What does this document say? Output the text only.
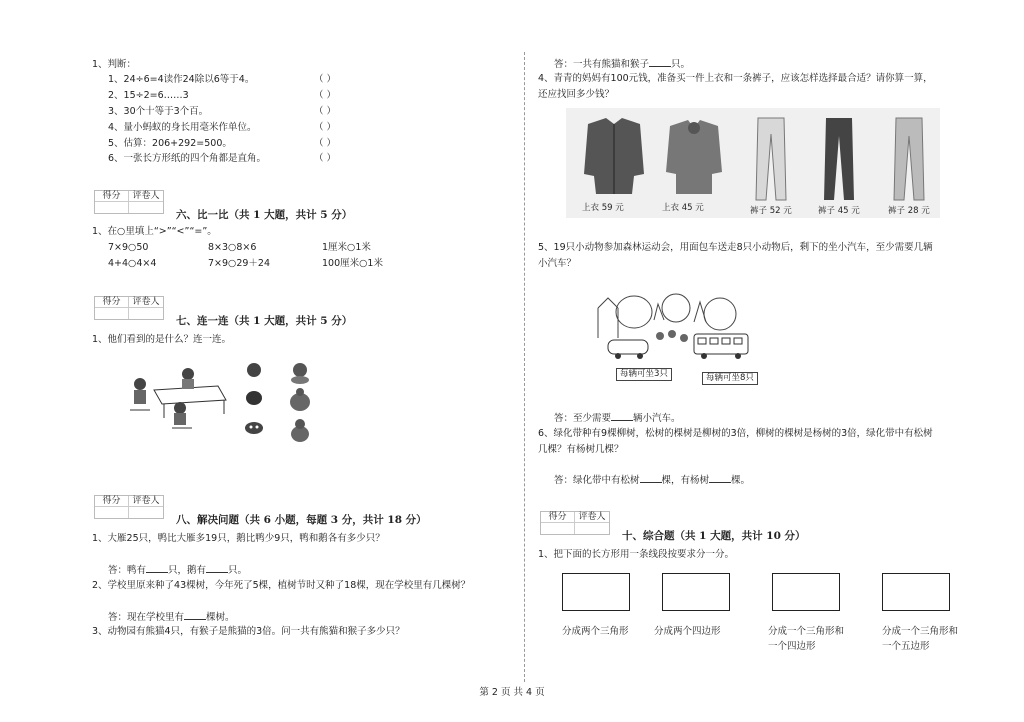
1、判断：
1、24÷6=4读作24除以6等于4。	（ ）
2、15÷2=6……3	（ ）
3、30个十等于3个百。	（ ）
4、量小蚂蚁的身长用毫米作单位。	（ ）
5、估算：206+292=500。	（ ）
6、一张长方形纸的四个角都是直角。	（ ）
得分	评卷人
六、比一比（共 1 大题，共计 5 分）
1、在○里填上“>”“<”“=”。
7×9○50	8×3○8×6	1厘米○1米
4+4○4×4	7×9○29＋24	100厘米○1米
得分	评卷人
七、连一连（共 1 大题，共计 5 分）
1、他们看到的是什么？连一连。
得分	评卷人
八、解决问题（共 6 小题，每题 3 分，共计 18 分）
1、大雁25只，鸭比大雁多19只，鹅比鸭少9只，鸭和鹅各有多少只？
答：鸭有 只，鹅有 只。
2、学校里原来种了43棵树，今年死了5棵，植树节时又种了18棵，现在学校里有几棵树？
答：现在学校里有 棵树。
3、动物园有熊猫4只，有猴子是熊猫的3倍。问一共有熊猫和猴子多少只？
答：一共有熊猫和猴子 只。
4、青青的妈妈有100元钱，准备买一件上衣和一条裤子，应该怎样选择最合适？请你算一算，
还应找回多少钱？
上衣 59 元	上衣 45 元	裤子 52 元	裤子 45 元	裤子 28 元
5、19只小动物参加森林运动会，用面包车送走8只小动物后，剩下的坐小汽车，至少需要几辆
小汽车？
每辆可坐3只	每辆可坐8只
答：至少需要 辆小汽车。
6、绿化带种有9棵柳树，松树的棵树是柳树的3倍，柳树的棵树是杨树的3倍，绿化带中有松树
几棵？有杨树几棵？
答：绿化带中有松树 棵，有杨树 棵。
得分	评卷人
十、综合题（共 1 大题，共计 10 分）
1、把下面的长方形用一条线段按要求分一分。
分成两个三角形	分成两个四边形	分成一个三角形和
一个四边形
分成一个三角形和
一个五边形
第 2 页 共 4 页
